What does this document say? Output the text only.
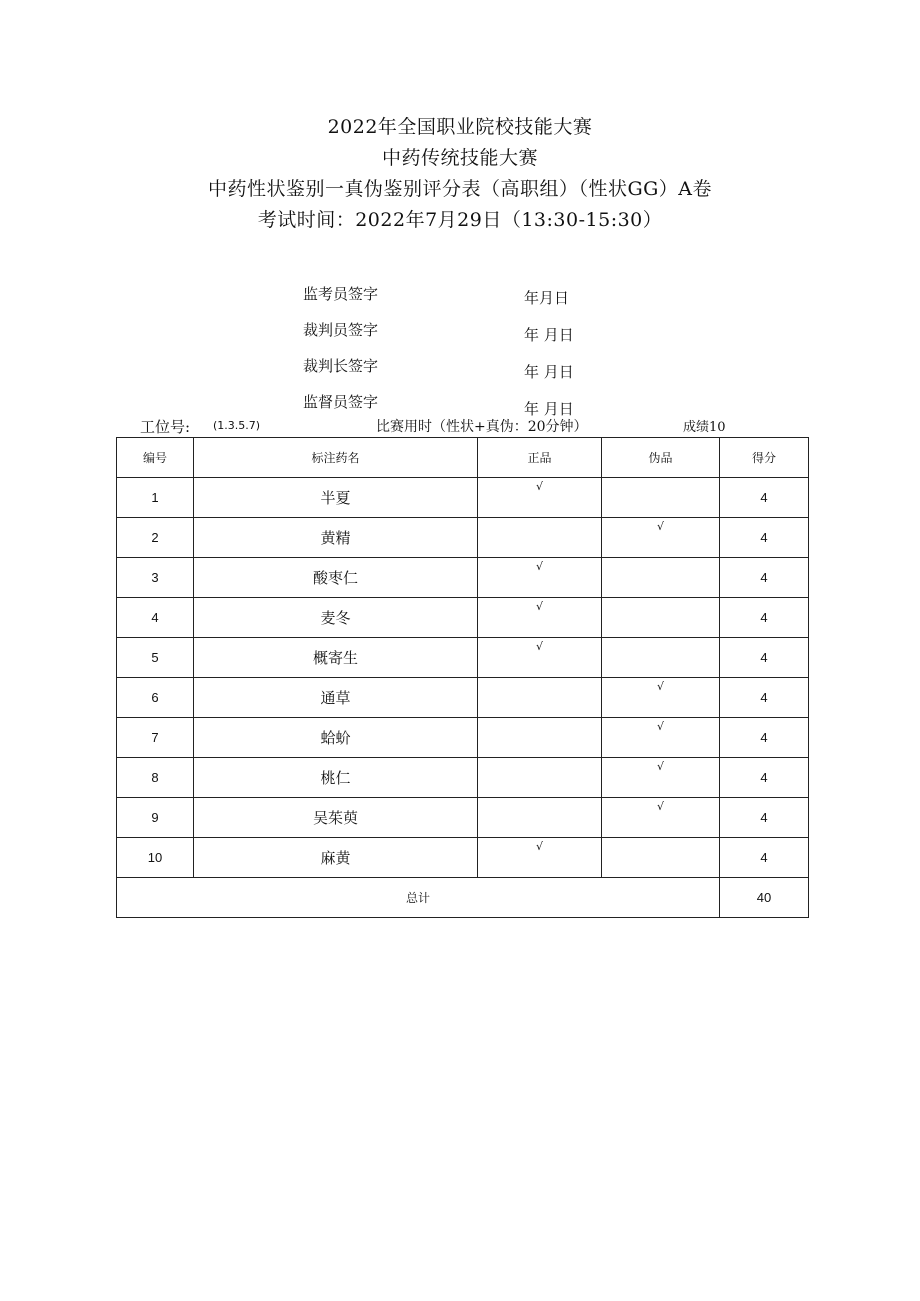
2022年全国职业院校技能大赛
中药传统技能大赛
中药性状鉴别一真伪鉴别评分表（高职组）（性状GG）A卷
考试时间：2022年7月29日（13:30-15:30）
监考员签字	年月日
裁判员签字	年 月日
裁判长签字	年 月日
监督员签字	年 月日
工位号: (1.3.5.7)	比赛用时（性状+真伪：20分钟）	成绩10
编号	标注药名	正品	伪品	得分
1	半夏	√		4
2	黄精		√	4
3	酸枣仁	√		4
4	麦冬	√		4
5	概寄生	√		4
6	通草		√	4
7	蛤蚧		√	4
8	桃仁		√	4
9	吴茱萸		√	4
10	麻黄	√		4
总计				40
